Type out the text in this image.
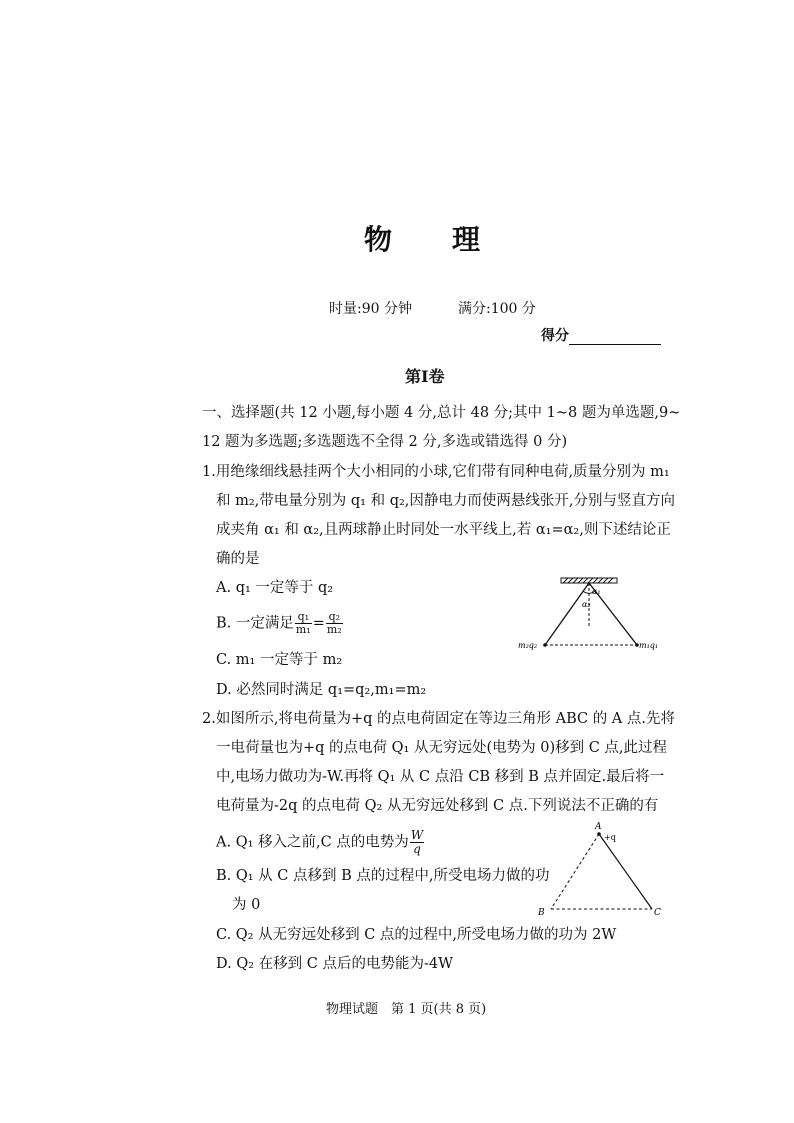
物 理
时量:90 分钟	满分:100 分
得分
第Ⅰ卷
一、选择题(共 12 小题,每小题 4 分,总计 48 分;其中 1~8 题为单选题,9~
12 题为多选题;多选题选不全得 2 分,多选或错选得 0 分)
1.用绝缘细线悬挂两个大小相同的小球,它们带有同种电荷,质量分别为 m₁
和 m₂,带电量分别为 q₁ 和 q₂,因静电力而使两悬线张开,分别与竖直方向
成夹角 α₁ 和 α₂,且两球静止时同处一水平线上,若 α₁=α₂,则下述结论正
确的是
A. q₁ 一定等于 q₂
B. 一定满足 $\frac{\text{q₁}}{\text{m₁}} = \frac{\text{q₂}}{\text{m₂}}$
C. m₁ 一定等于 m₂
D. 必然同时满足 q₁=q₂,m₁=m₂
α₂
α₁
m₂q₂	m₁q₁
2.如图所示,将电荷量为+q 的点电荷固定在等边三角形 ABC 的 A 点.先将
一电荷量也为+q 的点电荷 Q₁ 从无穷远处(电势为 0)移到 C 点,此过程
中,电场力做功为-W.再将 Q₁ 从 C 点沿 CB 移到 B 点并固定.最后将一
电荷量为-2q 的点电荷 Q₂ 从无穷远处移到 C 点.下列说法不正确的有
A. Q₁ 移入之前,C 点的电势为 $\frac{W}{q}$
B. Q₁ 从 C 点移到 B 点的过程中,所受电场力做的功
为 0
C. Q₂ 从无穷远处移到 C 点的过程中,所受电场力做的功为 2W
D. Q₂ 在移到 C 点后的电势能为-4W
A
+q
B	C
物理试题　第 1 页(共 8 页)
